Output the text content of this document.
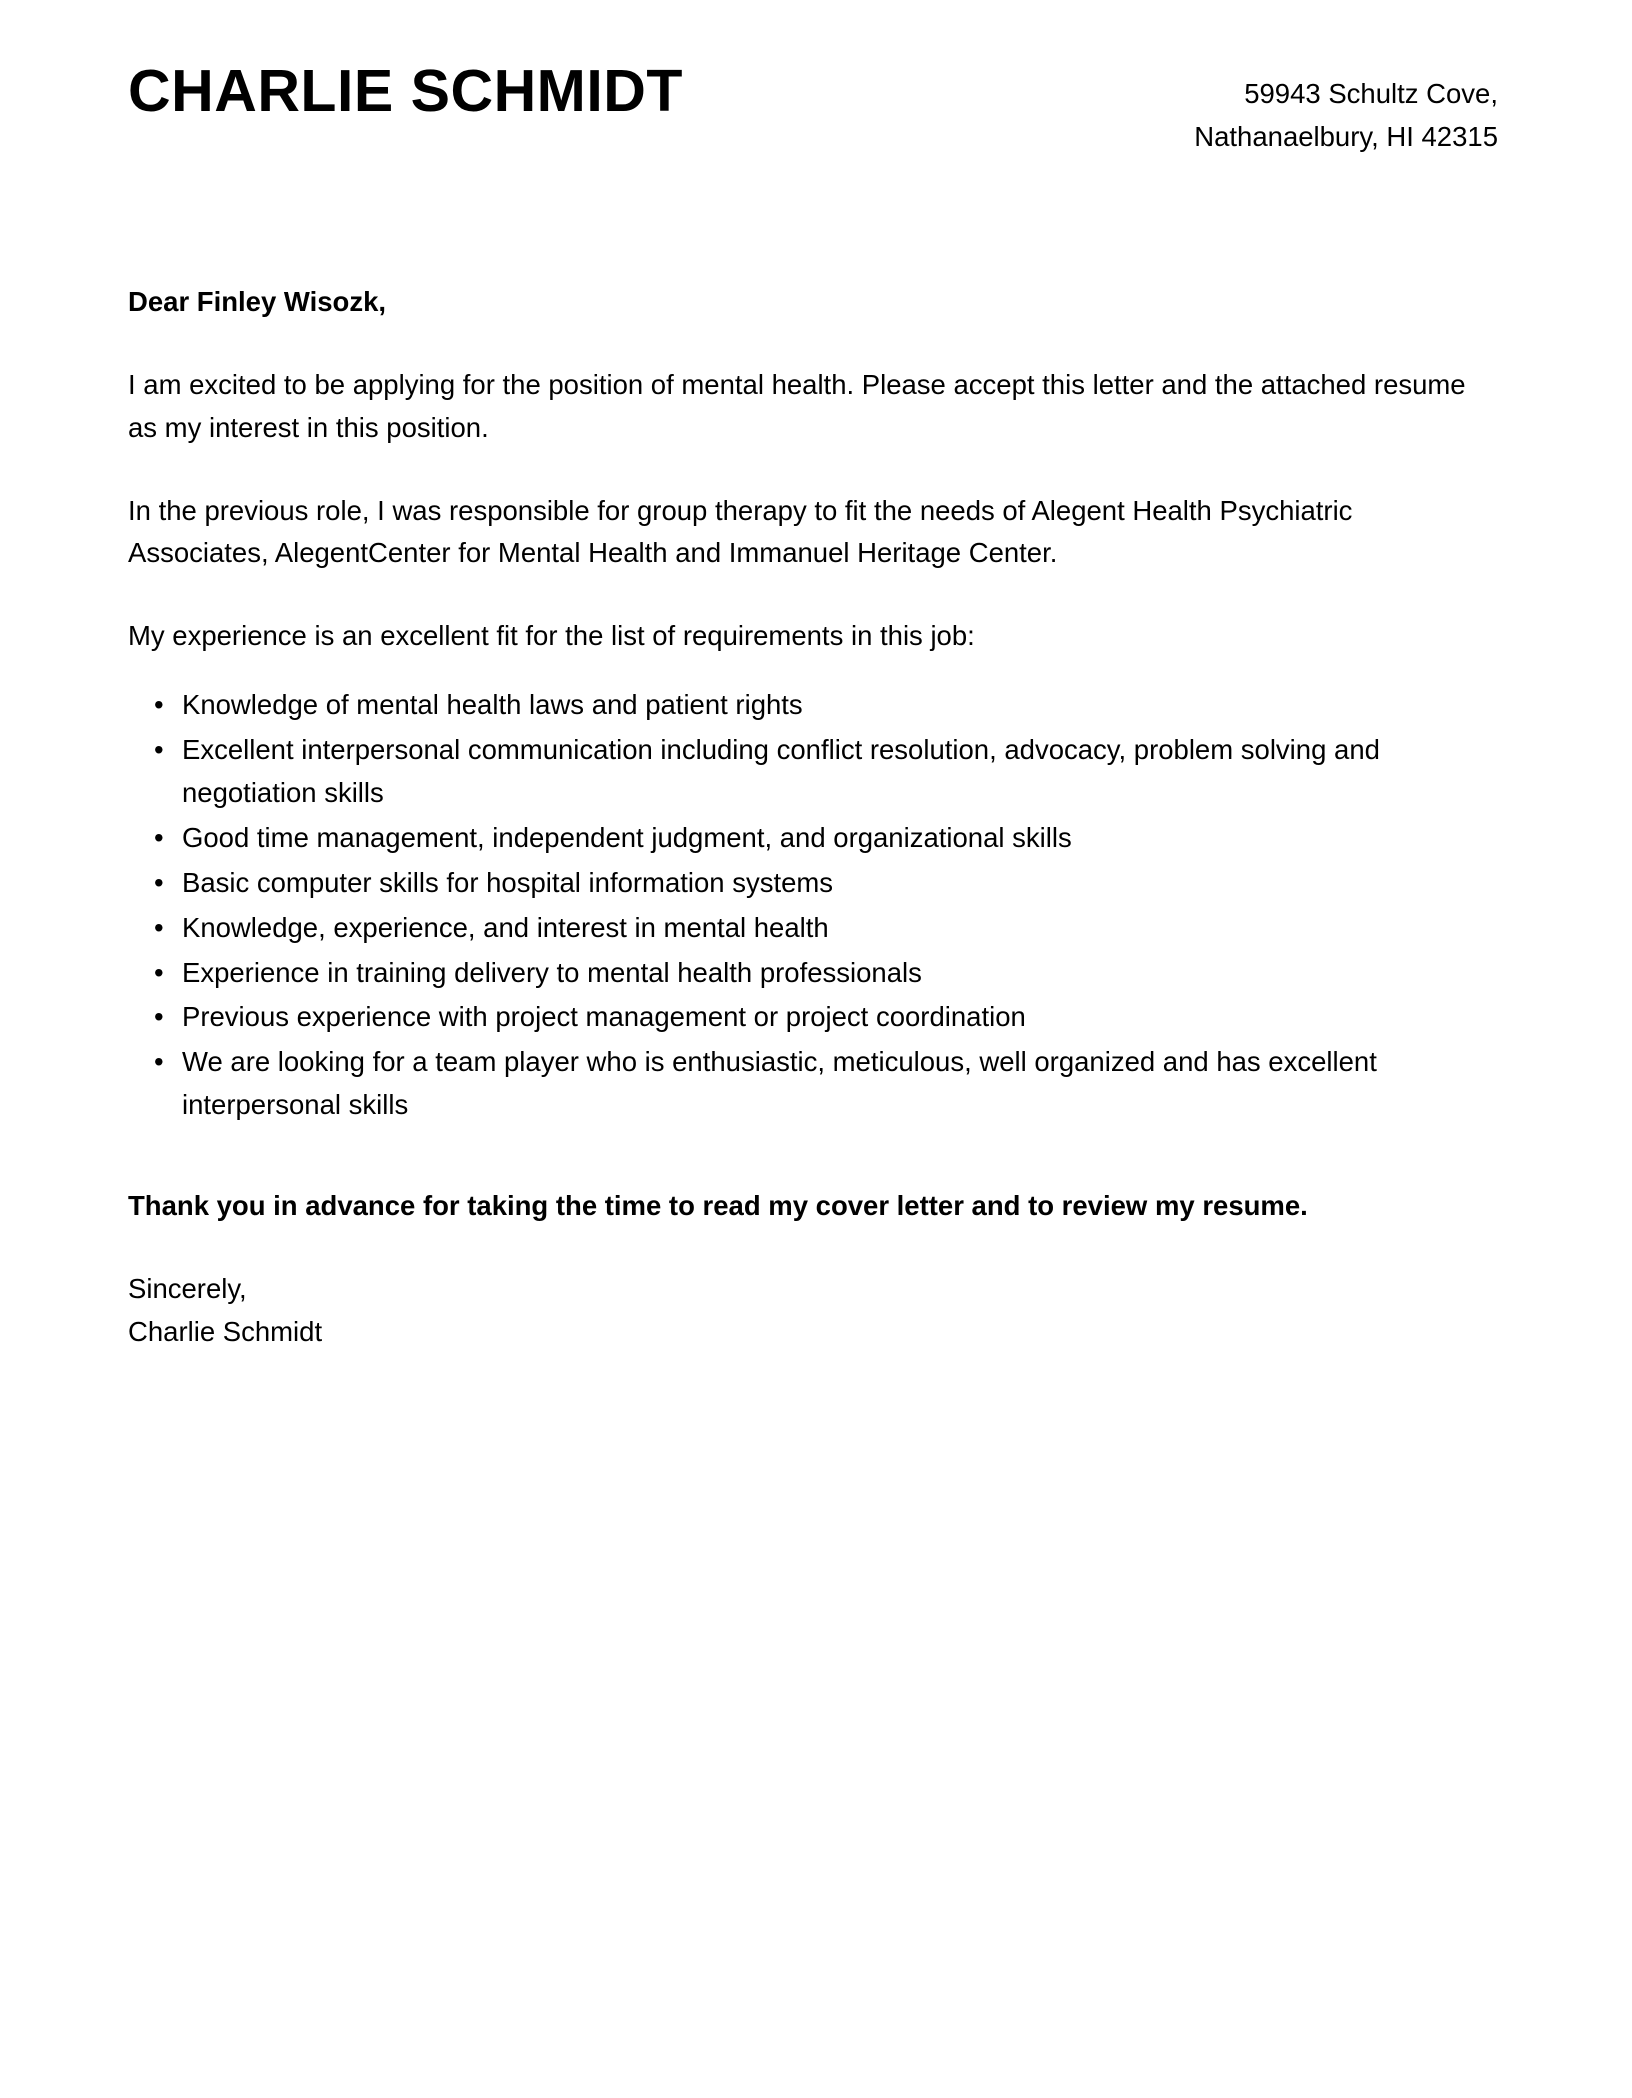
CHARLIE SCHMIDT	59943 Schultz Cove,
Nathanaelbury, HI 42315

Dear Finley Wisozk,

I am excited to be applying for the position of mental health. Please accept this letter and the attached resume as my interest in this position.

In the previous role, I was responsible for group therapy to fit the needs of Alegent Health Psychiatric Associates, AlegentCenter for Mental Health and Immanuel Heritage Center.

My experience is an excellent fit for the list of requirements in this job:

• Knowledge of mental health laws and patient rights
• Excellent interpersonal communication including conflict resolution, advocacy, problem solving and negotiation skills
• Good time management, independent judgment, and organizational skills
• Basic computer skills for hospital information systems
• Knowledge, experience, and interest in mental health
• Experience in training delivery to mental health professionals
• Previous experience with project management or project coordination
• We are looking for a team player who is enthusiastic, meticulous, well organized and has excellent interpersonal skills

Thank you in advance for taking the time to read my cover letter and to review my resume.

Sincerely,
Charlie Schmidt
